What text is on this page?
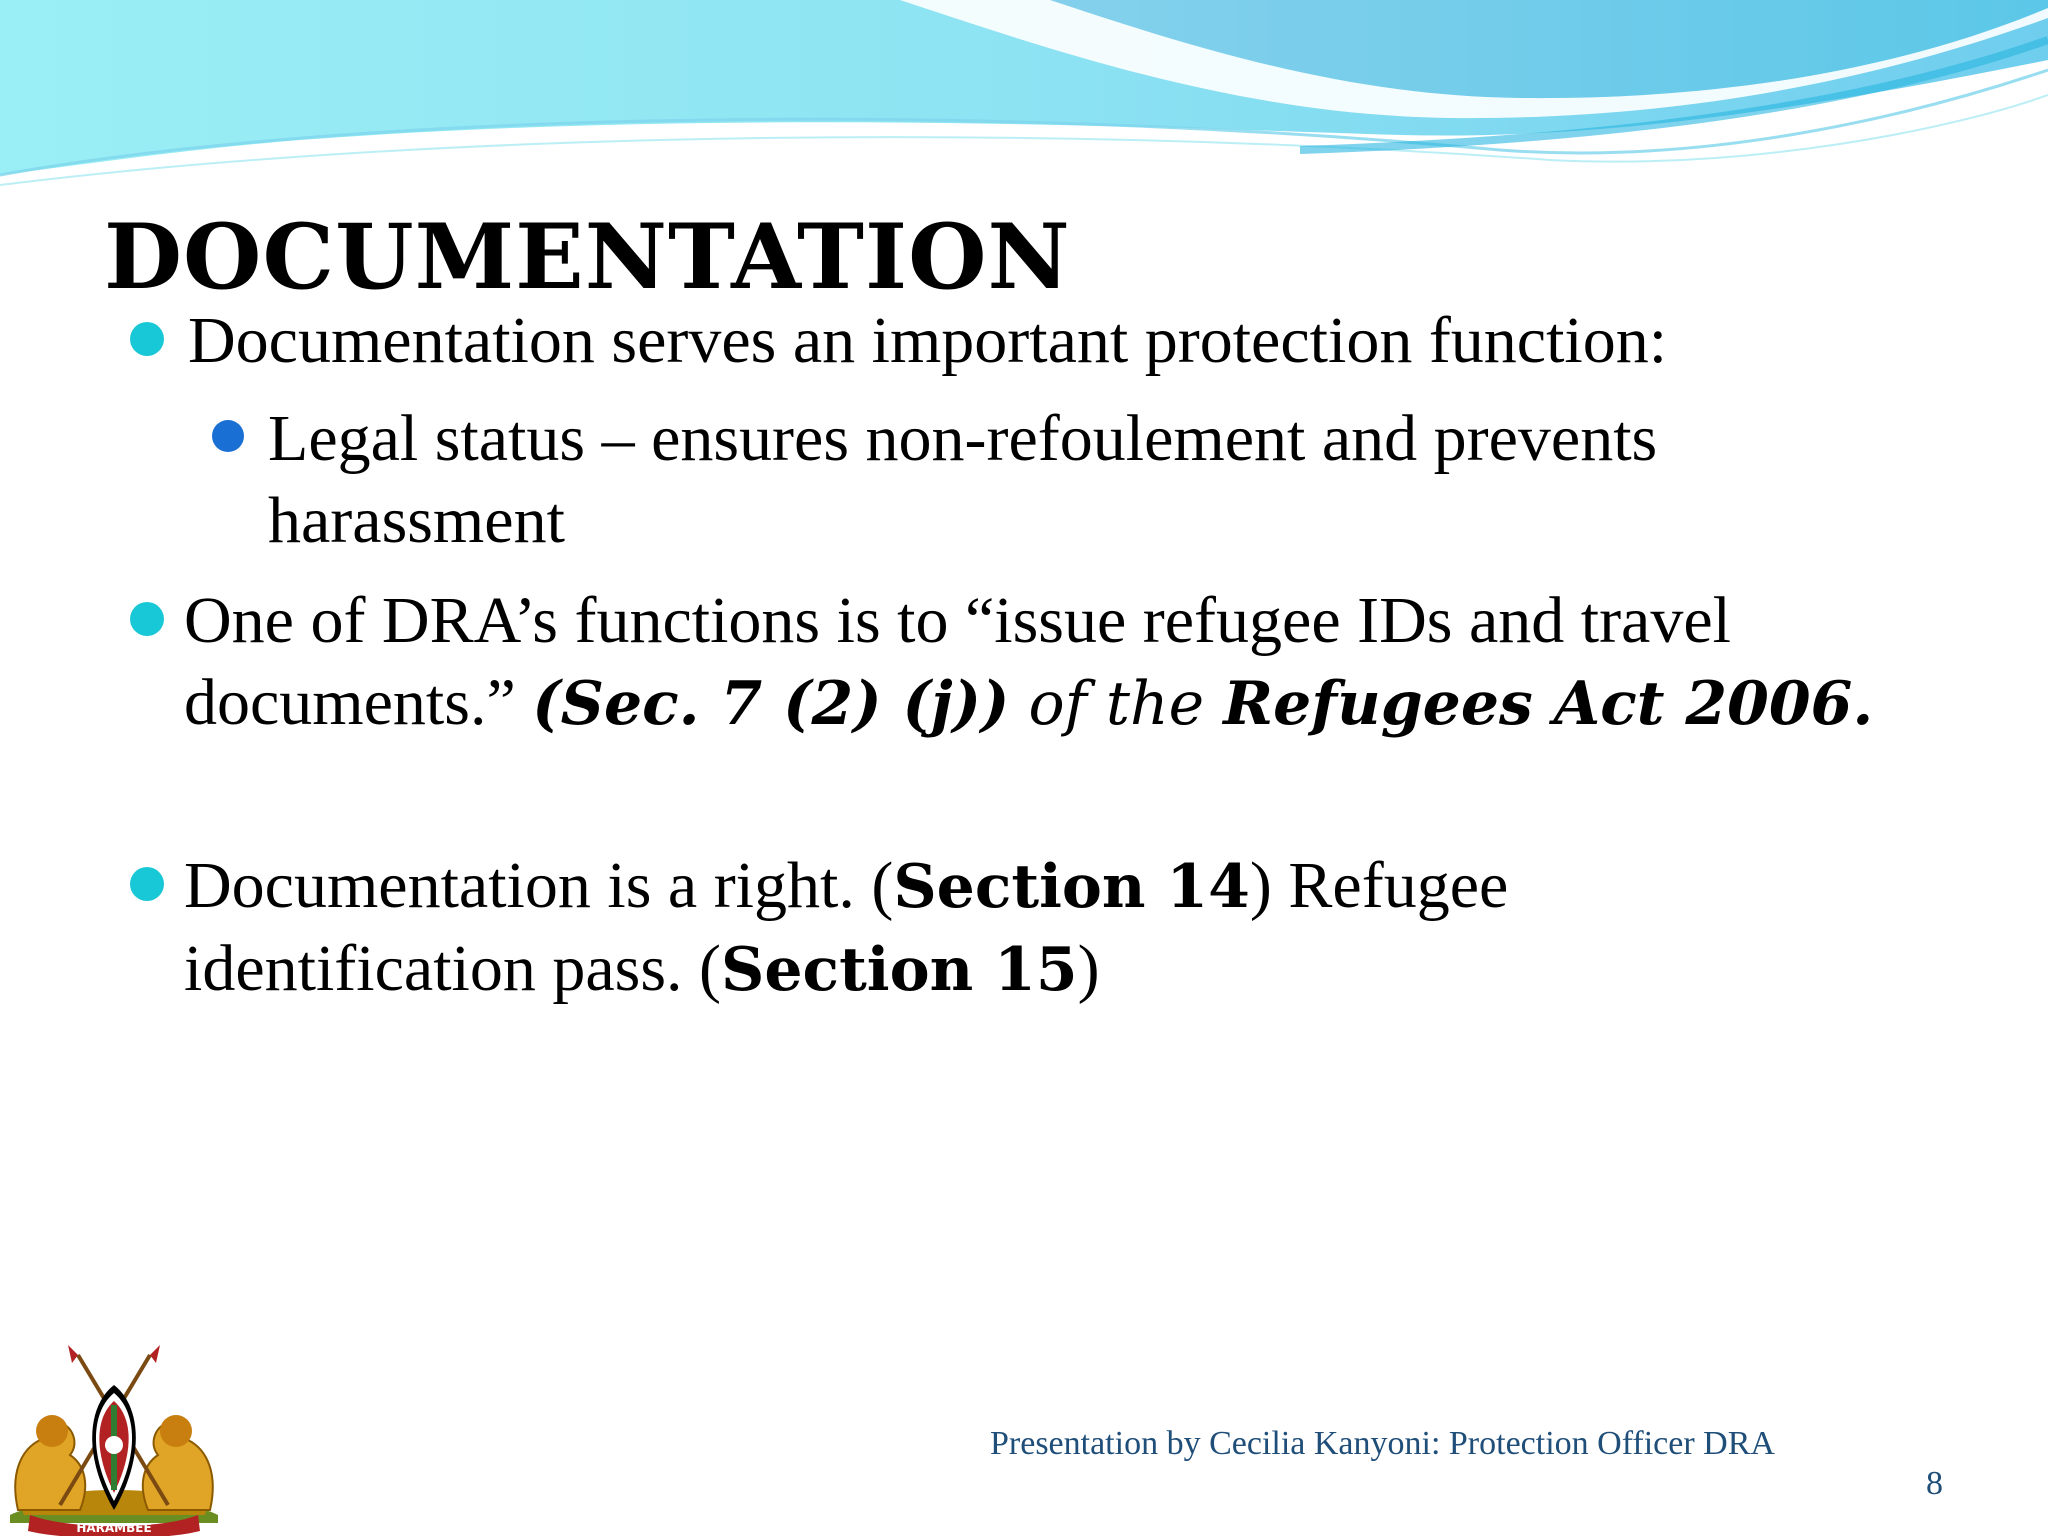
DOCUMENTATION
Documentation serves an important protection function:
Legal status – ensures non-refoulement and prevents harassment
One of DRA’s functions is to “issue refugee IDs and travel documents.” (Sec. 7 (2) (j)) of the Refugees Act 2006.
Documentation is a right. (Section 14) Refugee identification pass. (Section 15)
HARAMBEE
Presentation by Cecilia Kanyoni: Protection Officer DRA
8
